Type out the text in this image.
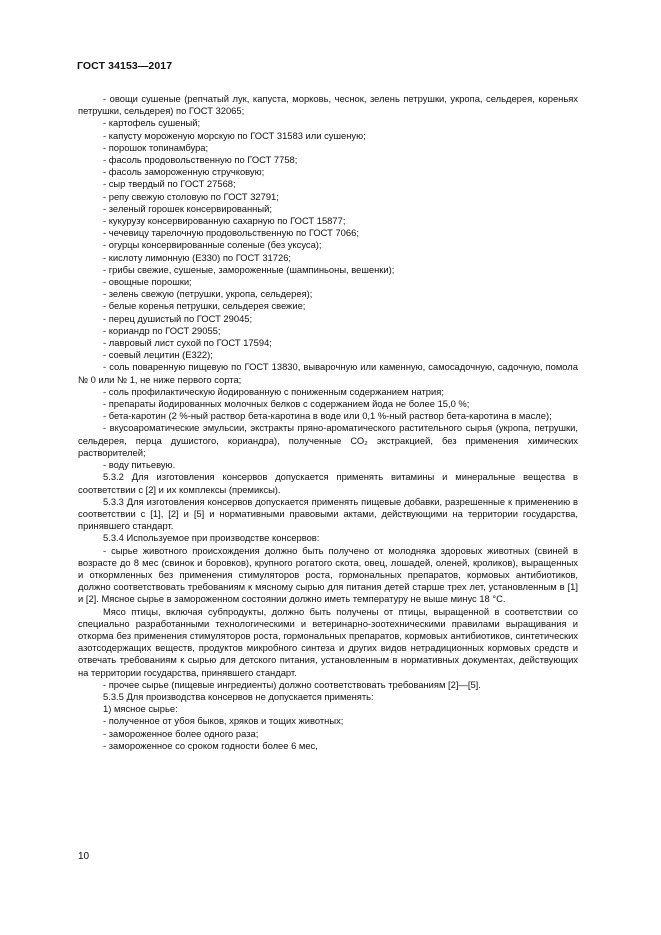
ГОСТ 34153—2017

- овощи сушеные (репчатый лук, капуста, морковь, чеснок, зелень петрушки, укропа, сельдерея, кореньях петрушки, сельдерея) по ГОСТ 32065;

- картофель сушеный;

- капусту мороженую морскую по ГОСТ 31583 или сушеную;

- порошок топинамбура;

- фасоль продовольственную по ГОСТ 7758;

- фасоль замороженную стручковую;

- сыр твердый по ГОСТ 27568;

- репу свежую столовую по ГОСТ 32791;

- зеленый горошек консервированный;

- кукурузу консервированную сахарную по ГОСТ 15877;

- чечевицу тарелочную продовольственную по ГОСТ 7066;

- огурцы консервированные соленые (без уксуса);

- кислоту лимонную (Е330) по ГОСТ 31726;

- грибы свежие, сушеные, замороженные (шампиньоны, вешенки);

- овощные порошки;

- зелень свежую (петрушки, укропа, сельдерея);

- белые коренья петрушки, сельдерея свежие;

- перец душистый по ГОСТ 29045;

- кориандр по ГОСТ 29055;

- лавровый лист сухой по ГОСТ 17594;

- соевый лецитин (Е322);

- соль поваренную пищевую по ГОСТ 13830, выварочную или каменную, самосадочную, садочную, помола № 0 или № 1, не ниже первого сорта;

- соль профилактическую йодированную с пониженным содержанием натрия;

- препараты йодированных молочных белков с содержанием йода не более 15,0 %;

- бета-каротин (2 %-ный раствор бета-каротина в воде или 0,1 %-ный раствор бета-каротина в масле);

- вкусоароматические эмульсии, экстракты пряно-ароматического растительного сырья (укропа, петрушки, сельдерея, перца душистого, кориандра), полученные СО₂ экстракцией, без применения химических растворителей;

- воду питьевую.

5.3.2 Для изготовления консервов допускается применять витамины и минеральные вещества в соответствии с [2] и их комплексы (премиксы).

5.3.3 Для изготовления консервов допускается применять пищевые добавки, разрешенные к применению в соответствии с [1], [2] и [5] и нормативными правовыми актами, действующими на территории государства, принявшего стандарт.

5.3.4 Используемое при производстве консервов:

- сырье животного происхождения должно быть получено от молодняка здоровых животных (свиней в возрасте до 8 мес (свинок и боровков), крупного рогатого скота, овец, лошадей, оленей, кроликов), выращенных и откормленных без применения стимуляторов роста, гормональных препаратов, кормовых антибиотиков, должно соответствовать требованиям к мясному сырью для питания детей старше трех лет, установленным в [1] и [2]. Мясное сырье в замороженном состоянии должно иметь температуру не выше минус 18 °С.

Мясо птицы, включая субпродукты, должно быть получены от птицы, выращенной в соответствии со специально разработанными технологическими и ветеринарно-зоотехническими правилами выращивания и откорма без применения стимуляторов роста, гормональных препаратов, кормовых антибиотиков, синтетических азотсодержащих веществ, продуктов микробного синтеза и других видов нетрадиционных кормовых средств и отвечать требованиям к сырью для детского питания, установленным в нормативных документах, действующих на территории государства, принявшего стандарт.

- прочее сырье (пищевые ингредиенты) должно соответствовать требованиям [2]—[5].

5.3.5 Для производства консервов не допускается применять:

1) мясное сырье:

- полученное от убоя быков, хряков и тощих животных;

- замороженное более одного раза;

- замороженное со сроком годности более 6 мес,

10
